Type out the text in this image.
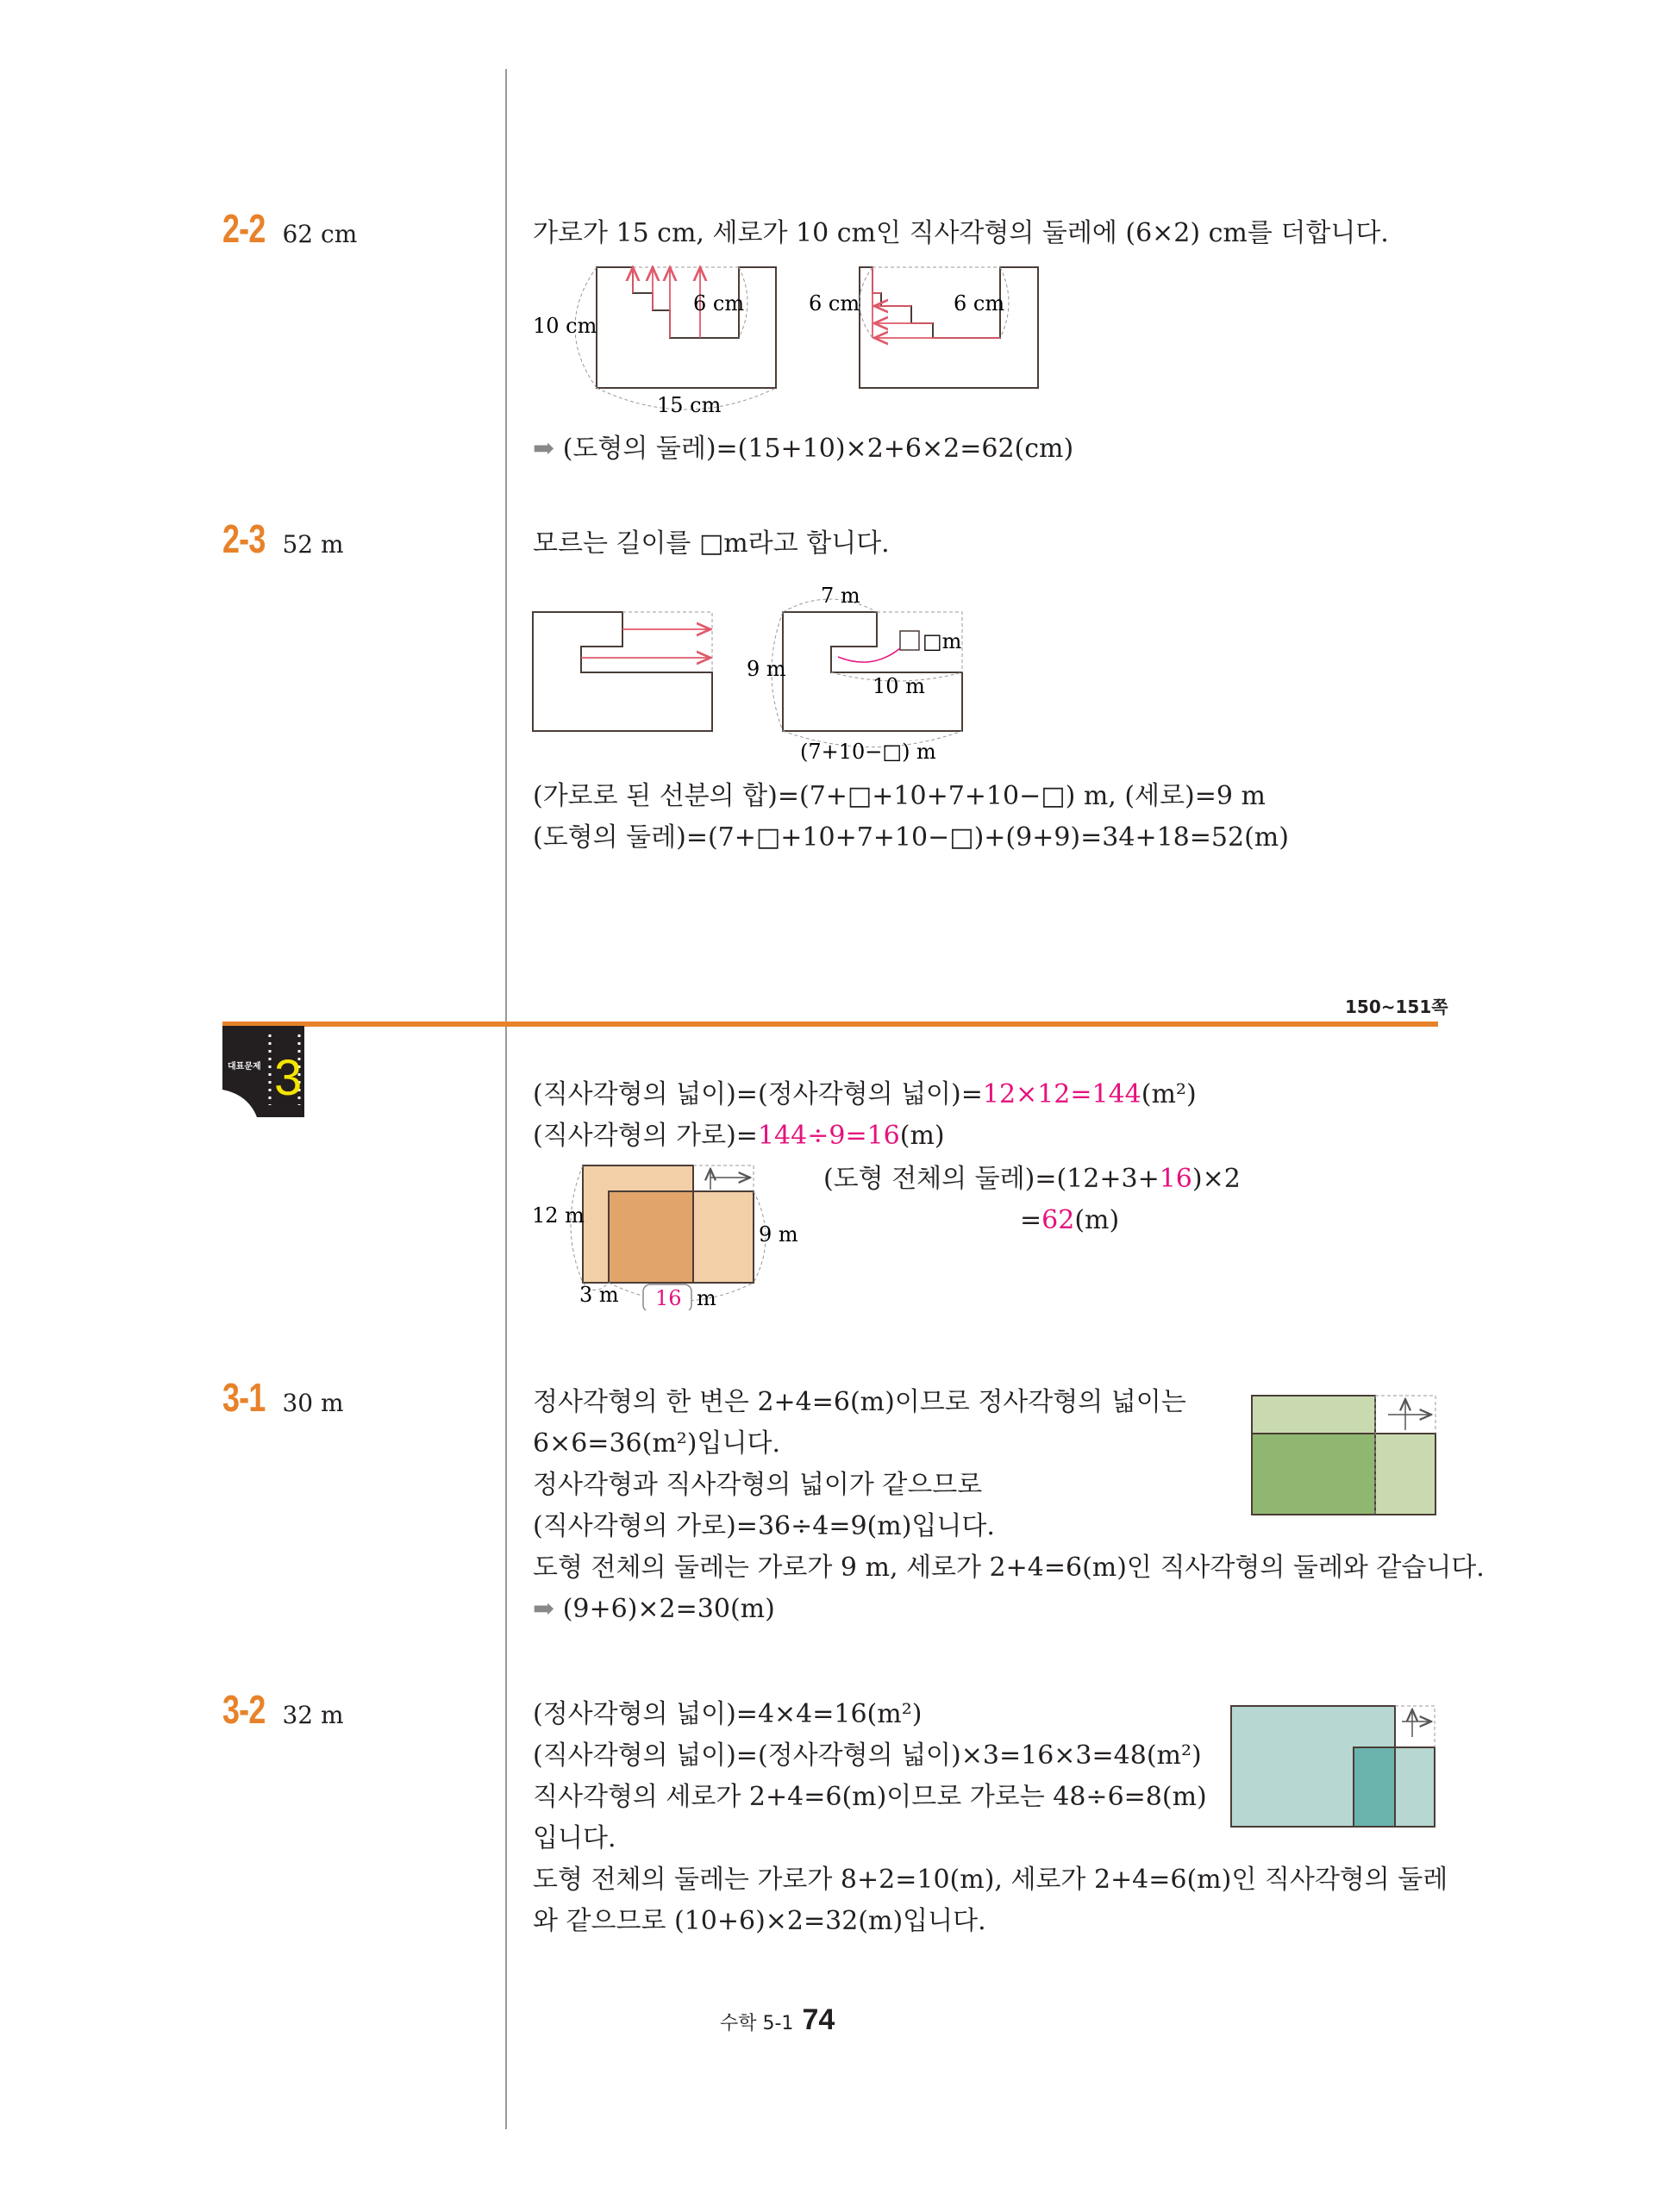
2-2 62 cm	가로가 15 cm, 세로가 10 cm인 직사각형의 둘레에 (6×2) cm를 더합니다.

10 cm
15 cm
6 cm	6 cm	6 cm

➡ (도형의 둘레)=(15+10)×2+6×2=62(cm)

2-3 52 m	모르는 길이를 □m라고 합니다.

7 m
9 m
□m
10 m
(7+10−□) m

(가로로 된 선분의 합)=(7+□+10+7+10−□) m, (세로)=9 m

(도형의 둘레)=(7+□+10+7+10−□)+(9+9)=34+18=52(m)

150~151쪽
대표문제 3	(직사각형의 넓이)=(정사각형의 넓이)=12×12=144(m²)

(직사각형의 가로)=144÷9=16(m)

(도형 전체의 둘레)=(12+3+16)×2

=62(m)

12 m
9 m
3 m 16 m
3-1 30 m	정사각형의 한 변은 2+4=6(m)이므로 정사각형의 넓이는

6×6=36(m²)입니다.

정사각형과 직사각형의 넓이가 같으므로

(직사각형의 가로)=36÷4=9(m)입니다.

도형 전체의 둘레는 가로가 9 m, 세로가 2+4=6(m)인 직사각형의 둘레와 같습니다.

➡ (9+6)×2=30(m)

3-2 32 m	(정사각형의 넓이)=4×4=16(m²)

(직사각형의 넓이)=(정사각형의 넓이)×3=16×3=48(m²)

직사각형의 세로가 2+4=6(m)이므로 가로는 48÷6=8(m)

입니다.

도형 전체의 둘레는 가로가 8+2=10(m), 세로가 2+4=6(m)인 직사각형의 둘레

와 같으므로 (10+6)×2=32(m)입니다.

수학 5-1 74
